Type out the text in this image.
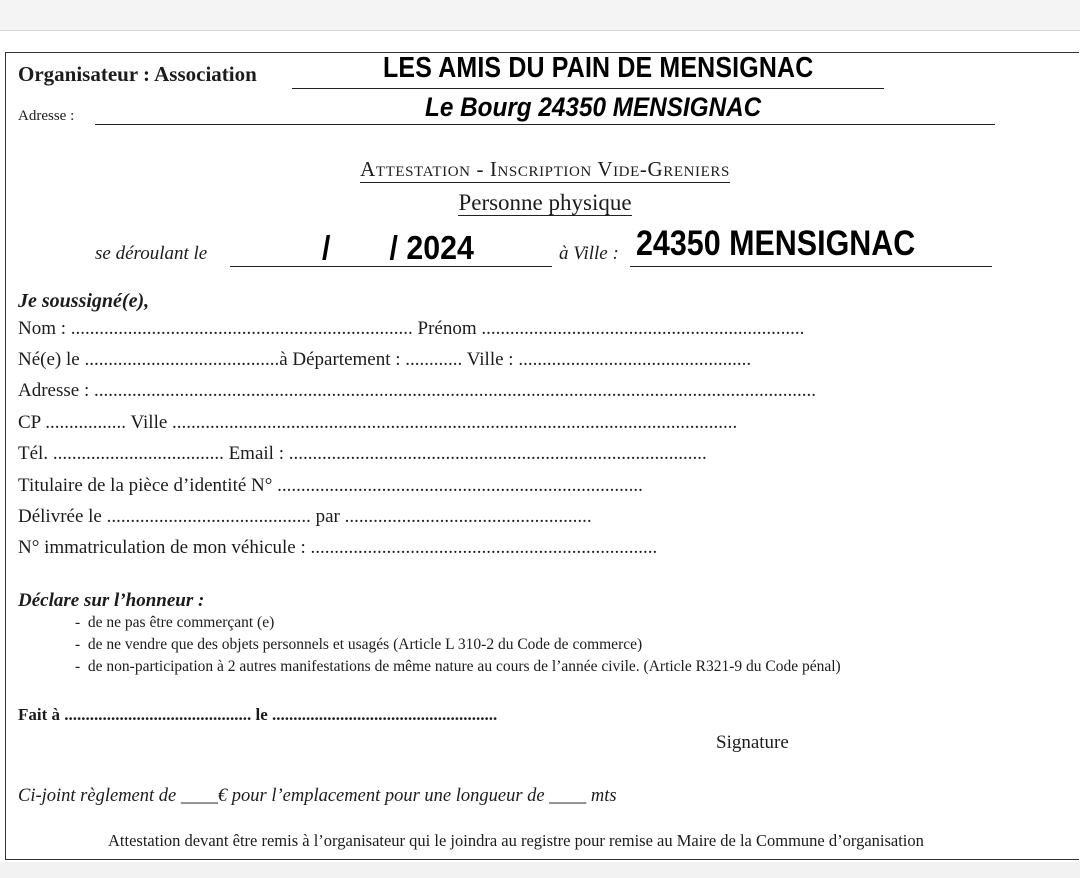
Organisateur : Association	LES AMIS DU PAIN DE MENSIGNAC
Adresse :	Le Bourg 24350 MENSIGNAC
Attestation - Inscription Vide-Greniers
Personne physique
se déroulant le	/       / 2024	à Ville : 24350 MENSIGNAC
Je soussigné(e),
Nom : ........................................................................ Prénom ....................................................................
Né(e) le .........................................à Département : ............ Ville : .................................................
Adresse : ........................................................................................................................................................
CP ................. Ville .......................................................................................................................
Tél. .................................... Email : ........................................................................................
Titulaire de la pièce d’identité N° .............................................................................
Délivrée le ........................................... par ....................................................
N° immatriculation de mon véhicule : .........................................................................
Déclare sur l’honneur :
-  de ne pas être commerçant (e)
-  de ne vendre que des objets personnels et usagés (Article L 310-2 du Code de commerce)
-  de non-participation à 2 autres manifestations de même nature au cours de l’année civile. (Article R321-9 du Code pénal)
Fait à ............................................ le .....................................................
Signature
Ci-joint règlement de ____€ pour l’emplacement pour une longueur de ____ mts
Attestation devant être remis à l’organisateur qui le joindra au registre pour remise au Maire de la Commune d’organisation
